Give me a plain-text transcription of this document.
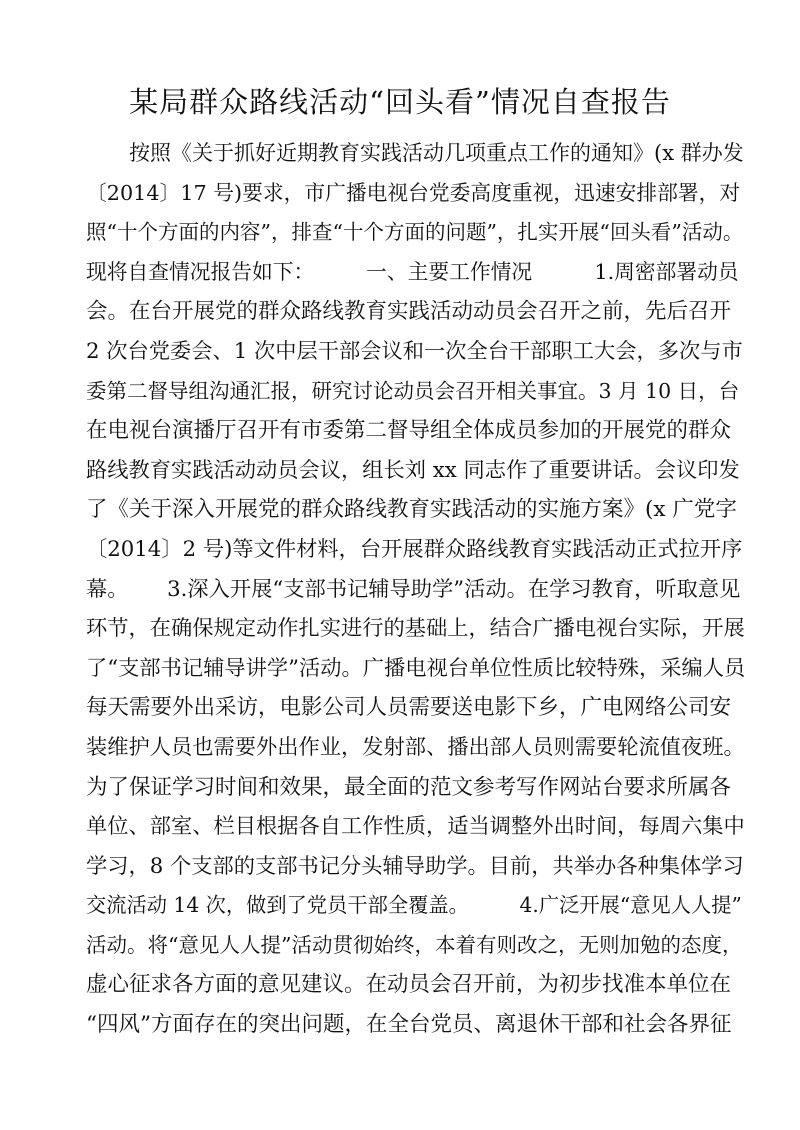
某局群众路线活动“回头看”情况自查报告
按照《关于抓好近期教育实践活动几项重点工作的通知》(x 群办发
〔2014〕17 号)要求，市广播电视台党委高度重视，迅速安排部署，对
照“十个方面的内容”，排查“十个方面的问题”，扎实开展“回头看”活动。
现将自查情况报告如下：　　　一、主要工作情况　　　1.周密部署动员
会。在台开展党的群众路线教育实践活动动员会召开之前，先后召开
2 次台党委会、1 次中层干部会议和一次全台干部职工大会，多次与市
委第二督导组沟通汇报，研究讨论动员会召开相关事宜。3 月 10 日，台
在电视台演播厅召开有市委第二督导组全体成员参加的开展党的群众
路线教育实践活动动员会议，组长刘 xx 同志作了重要讲话。会议印发
了《关于深入开展党的群众路线教育实践活动的实施方案》(x 广党字
〔2014〕2 号)等文件材料，台开展群众路线教育实践活动正式拉开序
幕。　　 3.深入开展“支部书记辅导助学”活动。在学习教育，听取意见
环节，在确保规定动作扎实进行的基础上，结合广播电视台实际，开展
了“支部书记辅导讲学”活动。广播电视台单位性质比较特殊，采编人员
每天需要外出采访，电影公司人员需要送电影下乡，广电网络公司安
装维护人员也需要外出作业，发射部、播出部人员则需要轮流值夜班。
为了保证学习时间和效果，最全面的范文参考写作网站台要求所属各
单位、部室、栏目根据各自工作性质，适当调整外出时间，每周六集中
学习，8 个支部的支部书记分头辅导助学。目前，共举办各种集体学习
交流活动 14 次，做到了党员干部全覆盖。　　　4.广泛开展“意见人人提”
活动。将“意见人人提”活动贯彻始终，本着有则改之，无则加勉的态度，
虚心征求各方面的意见建议。在动员会召开前，为初步找准本单位在
“四风”方面存在的突出问题，在全台党员、离退休干部和社会各界征
